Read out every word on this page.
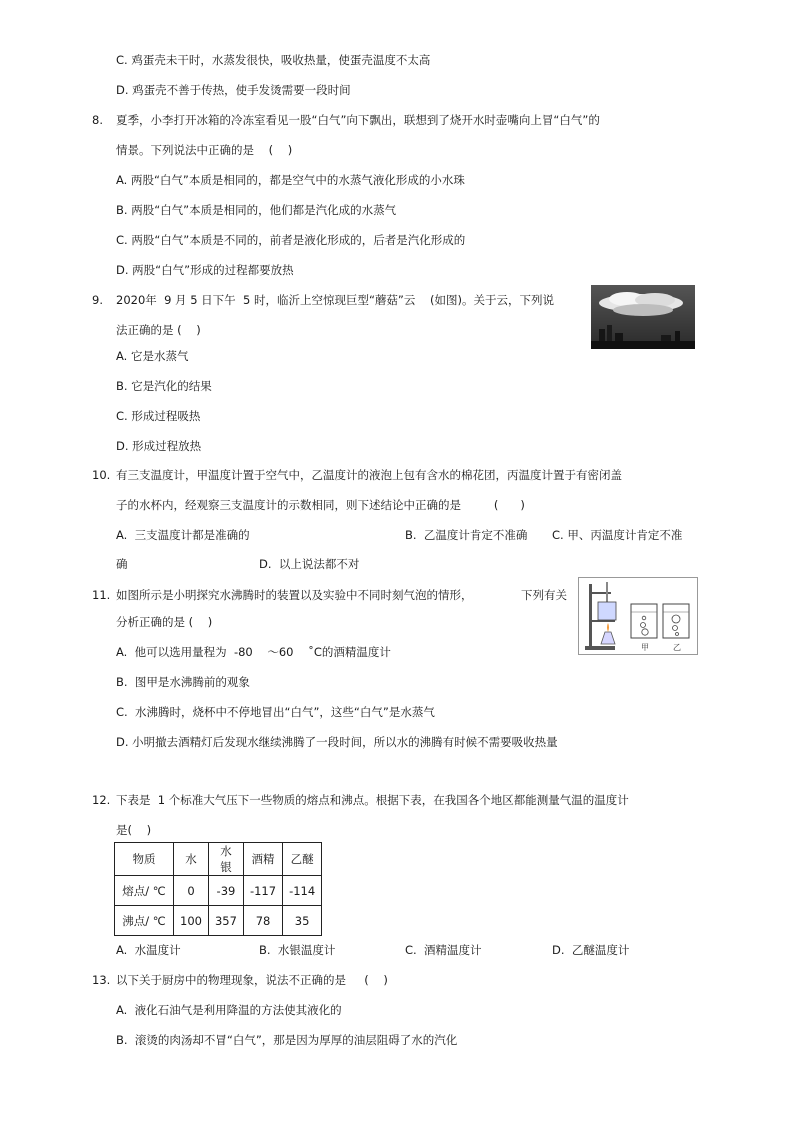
C. 鸡蛋壳未干时，水蒸发很快，吸收热量，使蛋壳温度不太高
D. 鸡蛋壳不善于传热，使手发烫需要一段时间
8. 夏季，小李打开冰箱的冷冻室看见一股“白气”向下飘出，联想到了烧开水时壶嘴向上冒“白气”的
情景。下列说法中正确的是    (    )
A. 两股“白气”本质是相同的，都是空气中的水蒸气液化形成的小水珠
B. 两股“白气”本质是相同的，他们都是汽化成的水蒸气
C. 两股“白气”本质是不同的，前者是液化形成的，后者是汽化形成的
D. 两股“白气”形成的过程都要放热
9. 2020年  9 月 5 日下午  5 时，临沂上空惊现巨型“蘑菇”云    (如图)。关于云，下列说
法正确的是 (    )
A. 它是水蒸气
B. 它是汽化的结果
C. 形成过程吸热
D. 形成过程放热
10. 有三支温度计，甲温度计置于空气中，乙温度计的液泡上包有含水的棉花团，丙温度计置于有密闭盖
子的水杯内，经观察三支温度计的示数相同，则下述结论中正确的是         (      )
A.  三支温度计都是准确的	B.  乙温度计肯定不准确 C. 甲、丙温度计肯定不准
确	D.  以上说法都不对
11. 如图所示是小明探究水沸腾时的装置以及实验中不同时刻气泡的情形，	下列有关
分析正确的是 (    )
甲	乙
A.  他可以选用量程为  -80    ～60    ˚C的酒精温度计
B.  图甲是水沸腾前的观象
C.  水沸腾时，烧杯中不停地冒出“白气”，这些“白气”是水蒸气
D. 小明撤去酒精灯后发现水继续沸腾了一段时间，所以水的沸腾有时候不需要吸收热量
12. 下表是  1 个标准大气压下一些物质的熔点和沸点。根据下表，在我国各个地区都能测量气温的温度计
是(    )
物质	水	水银	酒精	乙醚
熔点/ ℃	0	-39	-117	-114
沸点/ ℃	100	357	78	35
A.  水温度计	B.  水银温度计	C.  酒精温度计	D.  乙醚温度计
13. 以下关于厨房中的物理现象，说法不正确的是     (    )
A.  液化石油气是利用降温的方法使其液化的
B.  滚烫的肉汤却不冒“白气”，那是因为厚厚的油层阻碍了水的汽化
